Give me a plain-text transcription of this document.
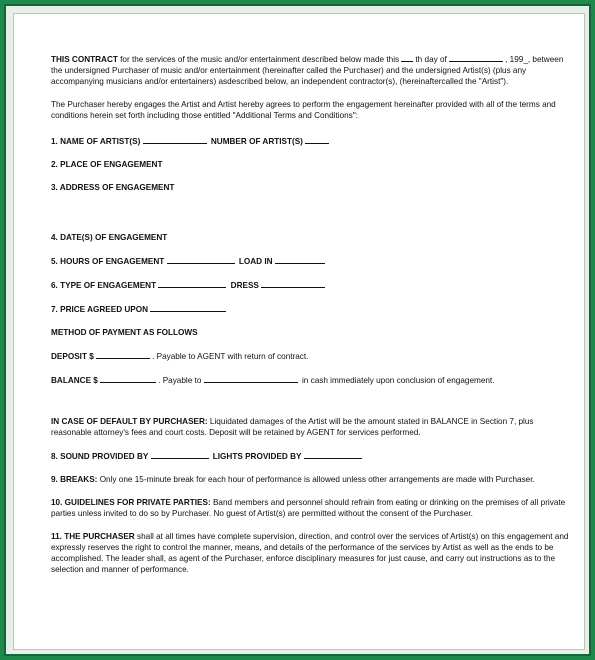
THIS CONTRACT for the services of the music and/or entertainment described below made this th day of	, 199_, between the undersigned Purchaser of music and/or entertainment (hereinafter called the Purchaser) and the undersigned Artist(s) (plus any accompanying musicians and/or entertainers) asdescribed below, an independent contractor(s), (hereinaftercalled the "Artist").

The Purchaser hereby engages the Artist and Artist hereby agrees to perform the engagement hereinafter provided with all of the terms and conditions herein set forth including those entitled "Additional Terms and Conditions":

1. NAME OF ARTIST(S)	NUMBER OF ARTIST(S)

2. PLACE OF ENGAGEMENT

3. ADDRESS OF ENGAGEMENT

4. DATE(S) OF ENGAGEMENT

5. HOURS OF ENGAGEMENT	LOAD IN

6. TYPE OF ENGAGEMENT	DRESS

7. PRICE AGREED UPON

METHOD OF PAYMENT AS FOLLOWS

DEPOSIT $	. Payable to AGENT with return of contract.

BALANCE $	. Payable to	in cash immediately upon conclusion of engagement.

IN CASE OF DEFAULT BY PURCHASER: Liquidated damages of the Artist will be the amount stated in BALANCE in Section 7, plus reasonable attorney's fees and court costs. Deposit will be retained by AGENT for services performed.

8. SOUND PROVIDED BY	LIGHTS PROVIDED BY

9. BREAKS: Only one 15-minute break for each hour of performance is allowed unless other arrangements are made with Purchaser.

10. GUIDELINES FOR PRIVATE PARTIES: Band members and personnel should refrain from eating or drinking on the premises of all private parties unless invited to do so by Purchaser. No guest of Artist(s) are permitted without the consent of the Purchaser.

11. THE PURCHASER shall at all times have complete supervision, direction, and control over the services of Artist(s) on this engagement and expressly reserves the right to control the manner, means, and details of the performance of the services by Artist as well as the ends to be accomplished. The leader shall, as agent of the Purchaser, enforce disciplinary measures for just cause, and carry out instructions as to the selection and manner of performance.
